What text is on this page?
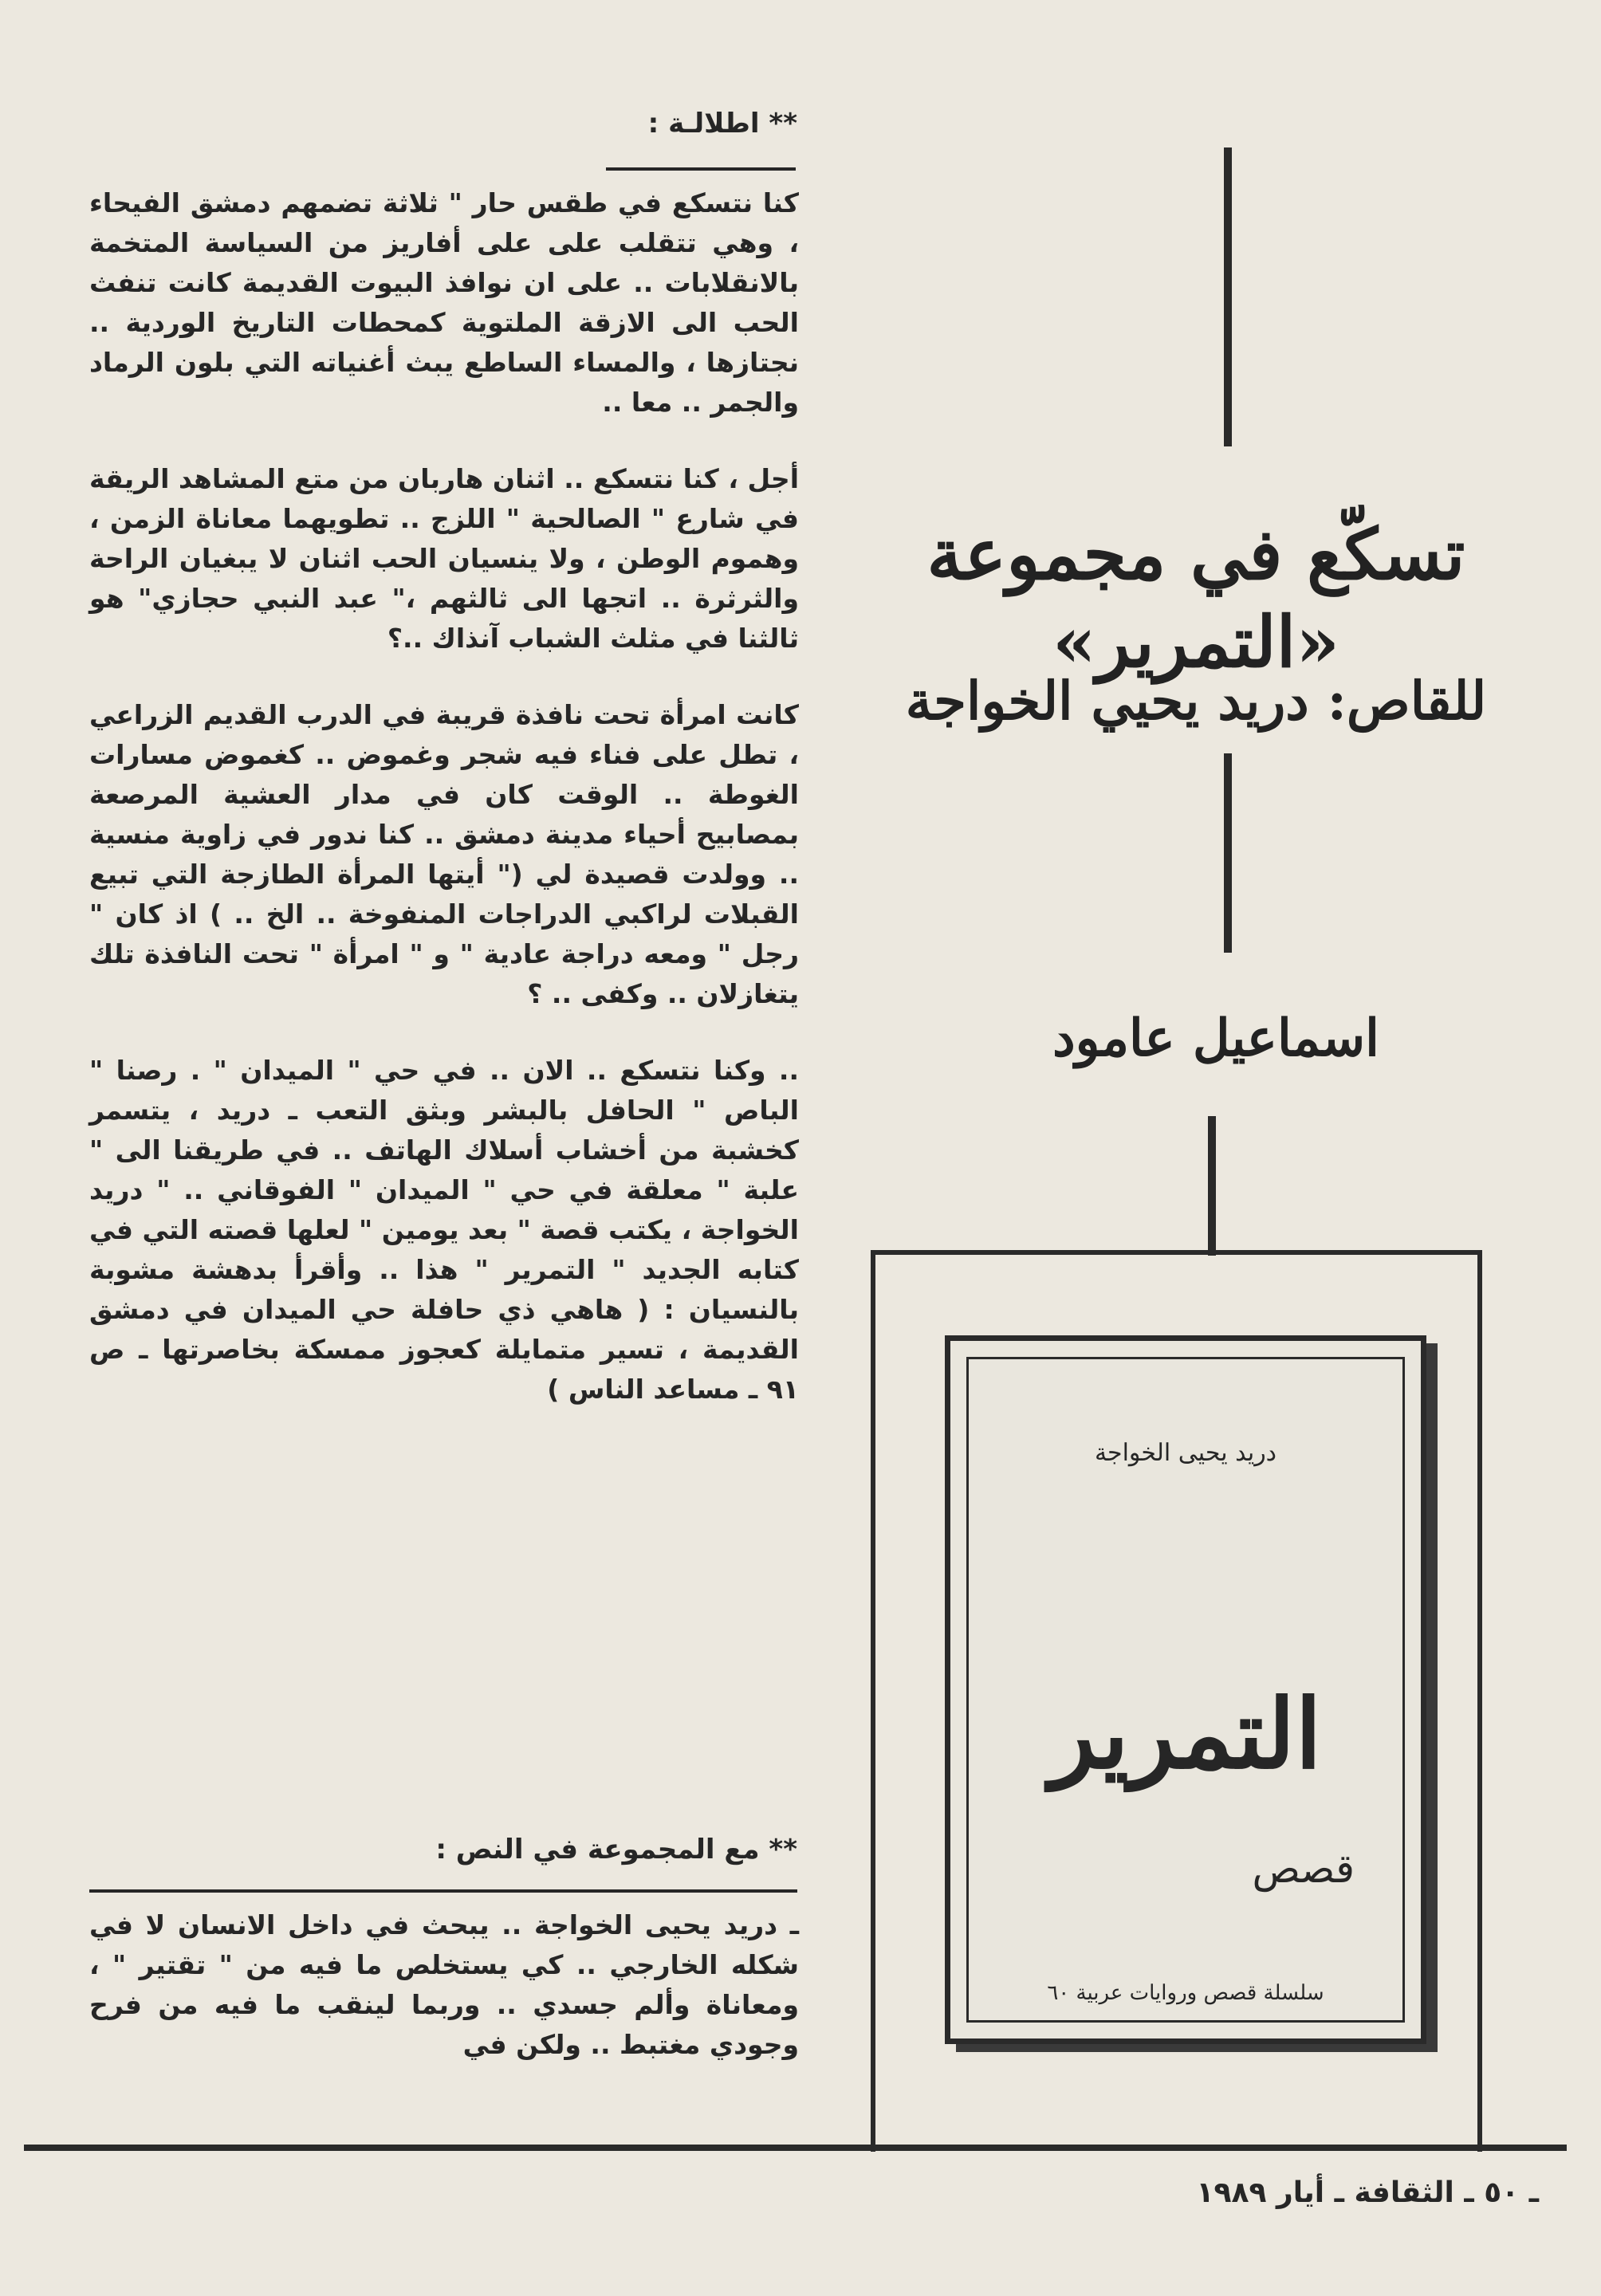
** اطلالـة :

كنا نتسكع في طقس حار " ثلاثة تضمهم دمشق الفيحاء ، وهي تتقلب على على أفاريز من السياسة المتخمة بالانقلابات .. على ان نوافذ البيوت القديمة كانت تنفث الحب الى الازقة الملتوية كمحطات التاريخ الوردية .. نجتازها ، والمساء الساطع يبث أغنياته التي بلون الرماد والجمر .. معا ..

أجل ، كنا نتسكع .. اثنان هاربان من متع المشاهد الريقة في شارع " الصالحية " اللزج .. تطويهما معاناة الزمن ، وهموم الوطن ، ولا ينسيان الحب اثنان لا يبغيان الراحة والثرثرة .. اتجها الى ثالثهم ،" عبد النبي حجازي" هو ثالثنا في مثلث الشباب آنذاك ..؟

كانت امرأة تحت نافذة قريبة في الدرب القديم الزراعي ، تطل على فناء فيه شجر وغموض .. كغموض مسارات الغوطة .. الوقت كان في مدار العشية المرصعة بمصابيح أحياء مدينة دمشق .. كنا ندور في زاوية منسية .. وولدت قصيدة لي (" أيتها المرأة الطازجة التي تبيع القبلات لراكبي الدراجات المنفوخة .. الخ .. ) اذ كان " رجل " ومعه دراجة عادية " و " امرأة " تحت النافذة تلك يتغازلان .. وكفى .. ؟

.. وكنا نتسكع .. الان .. في حي " الميدان " . رصنا " الباص " الحافل بالبشر وبثق التعب ـ دريد ، يتسمر كخشبة من أخشاب أسلاك الهاتف .. في طريقنا الى " علبة " معلقة في حي " الميدان " الفوقاني .. " دريد الخواجة ، يكتب قصة " بعد يومين " لعلها قصته التي في كتابه الجديد " التمرير " هذا .. وأقرأ بدهشة مشوبة بالنسيان : ( هاهي ذي حافلة حي الميدان في دمشق القديمة ، تسير متمايلة كعجوز ممسكة بخاصرتها ـ ص ٩١ ـ مساعد الناس )

** مع المجموعة في النص :

ـ دريد يحيى الخواجة .. يبحث في داخل الانسان لا في شكله الخارجي .. كي يستخلص ما فيه من " تقتير " ، ومعاناة وألم جسدي .. وربما لينقب ما فيه من فرح وجودي مغتبط .. ولكن في

تسكّع في مجموعة «التمرير»
للقاص: دريد يحيي الخواجة
اسماعيل عامود
دريد يحيى الخواجة
التمرير
قصص
سلسلة قصص وروايات عربية ٦٠
ـ ٥٠ ـ الثقافة ـ أيار ١٩٨٩
